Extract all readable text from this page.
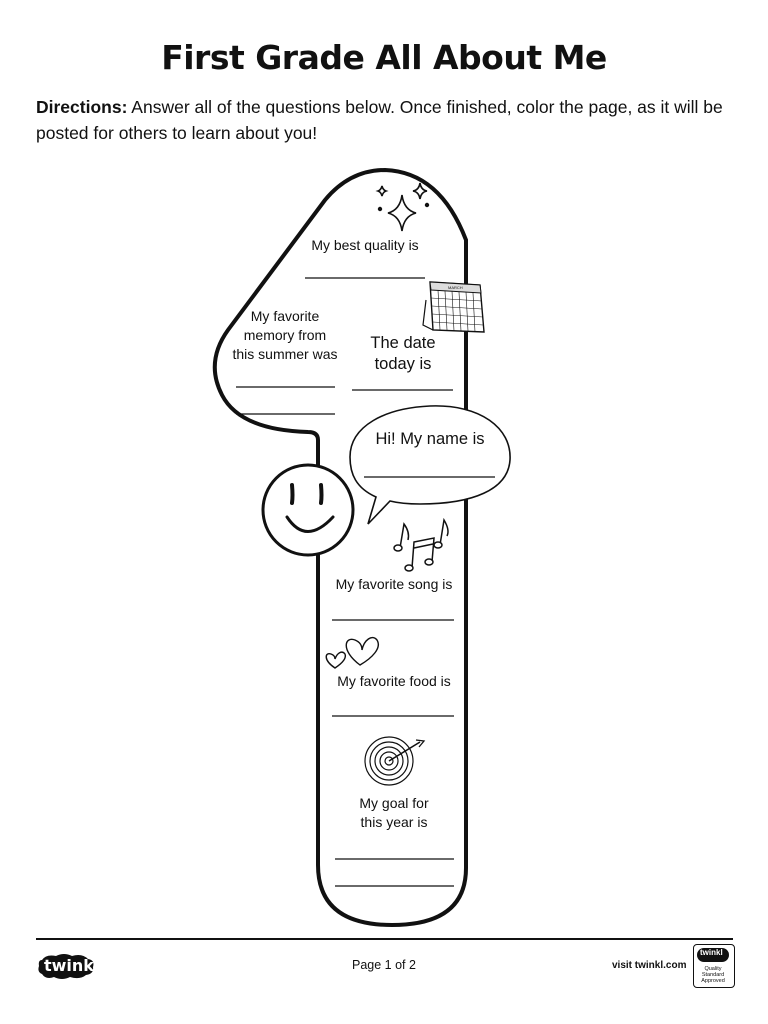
First Grade All About Me
Directions: Answer all of the questions below. Once finished, color the page, as it will be posted for others to learn about you!
MARCH
My best quality is
My favorite
memory from
this summer was
The date
today is
Hi! My name is
My favorite song is
My favorite food is
My goal for
this year is
twinkl	Page 1 of 2	visit twinkl.com
twinkl
Quality Standard Approved
